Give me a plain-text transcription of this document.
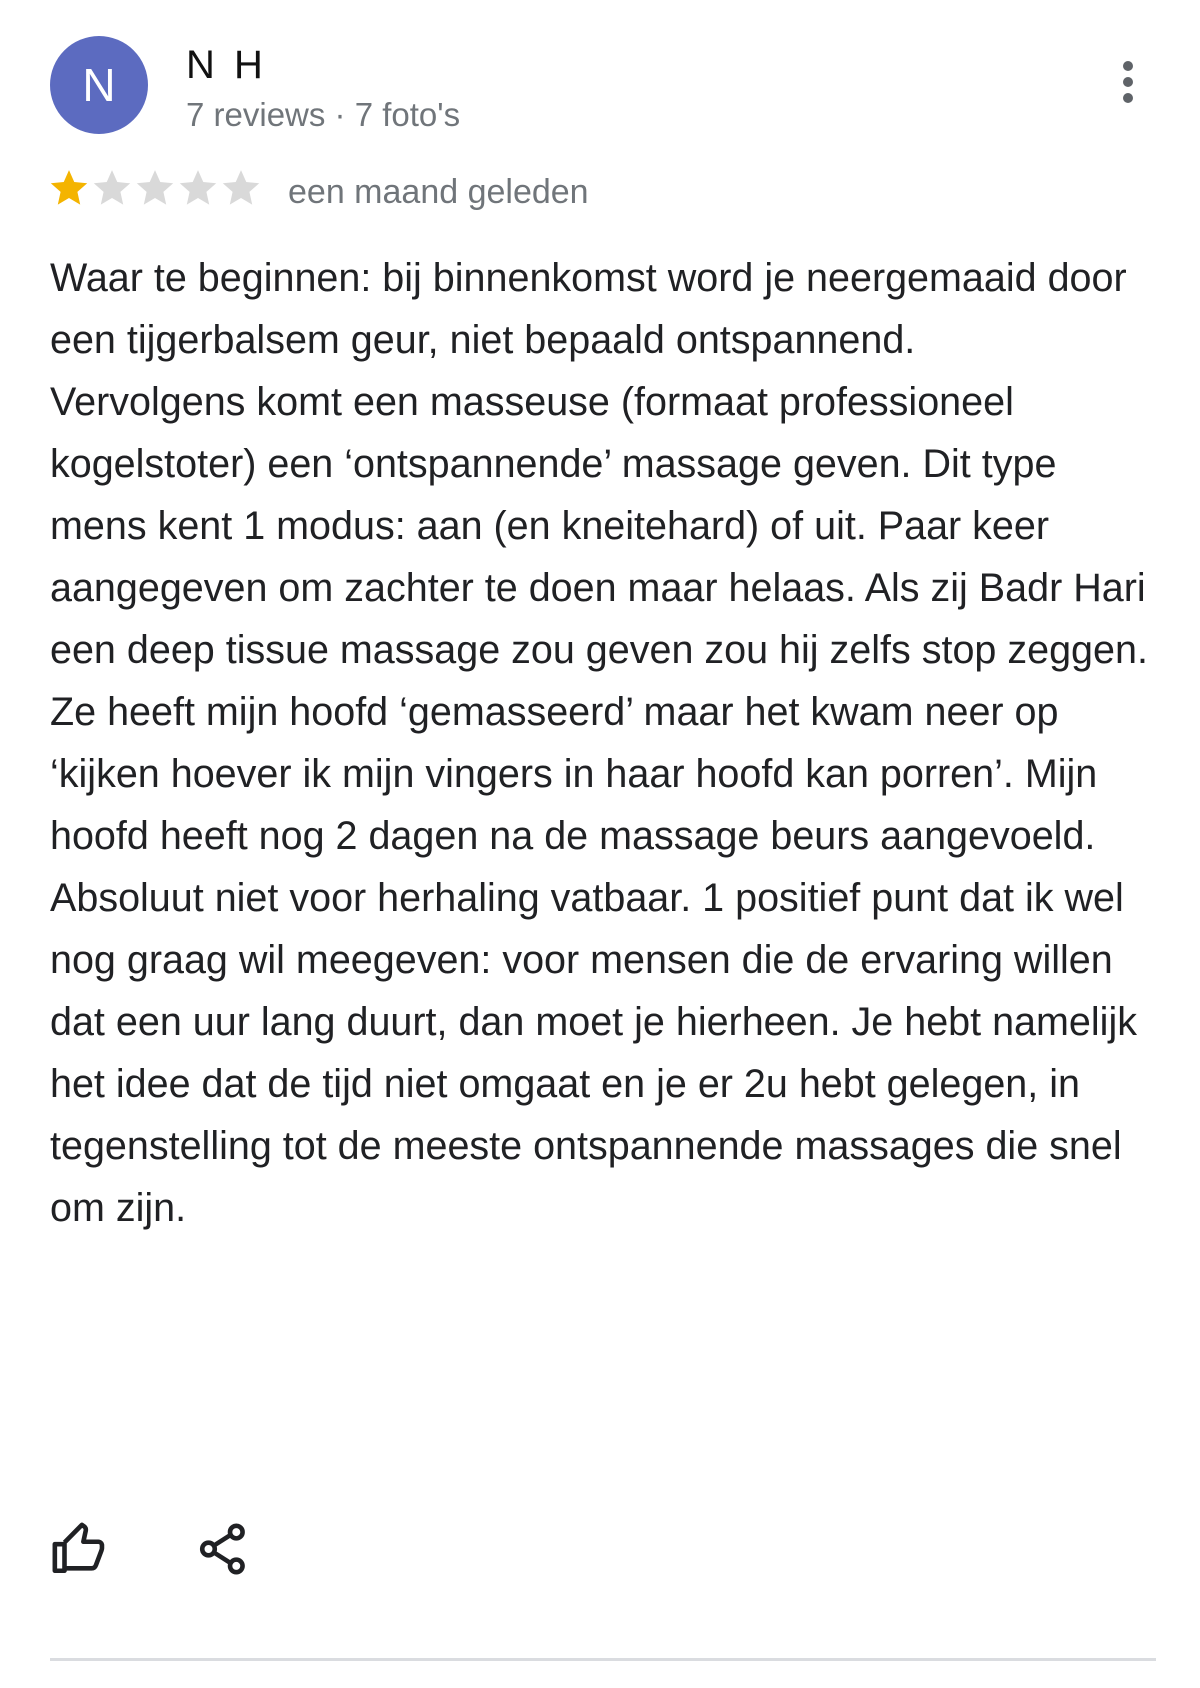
N	N H
7 reviews · 7 foto's
een maand geleden

Waar te beginnen: bij binnenkomst word je neergemaaid door een tijgerbalsem geur, niet bepaald ontspannend.

Vervolgens komt een masseuse (formaat professioneel kogelstoter) een ‘ontspannende’ massage geven. Dit type mens kent 1 modus: aan (en kneitehard) of uit. Paar keer aangegeven om zachter te doen maar helaas. Als zij Badr Hari een deep tissue massage zou geven zou hij zelfs stop zeggen.

Ze heeft mijn hoofd ‘gemasseerd’ maar het kwam neer op ‘kijken hoever ik mijn vingers in haar hoofd kan porren’. Mijn hoofd heeft nog 2 dagen na de massage beurs aangevoeld.

Absoluut niet voor herhaling vatbaar. 1 positief punt dat ik wel nog graag wil meegeven: voor mensen die de ervaring willen dat een uur lang duurt, dan moet je hierheen. Je hebt namelijk het idee dat de tijd niet omgaat en je er 2u hebt gelegen, in tegenstelling tot de meeste ontspannende massages die snel om zijn.
